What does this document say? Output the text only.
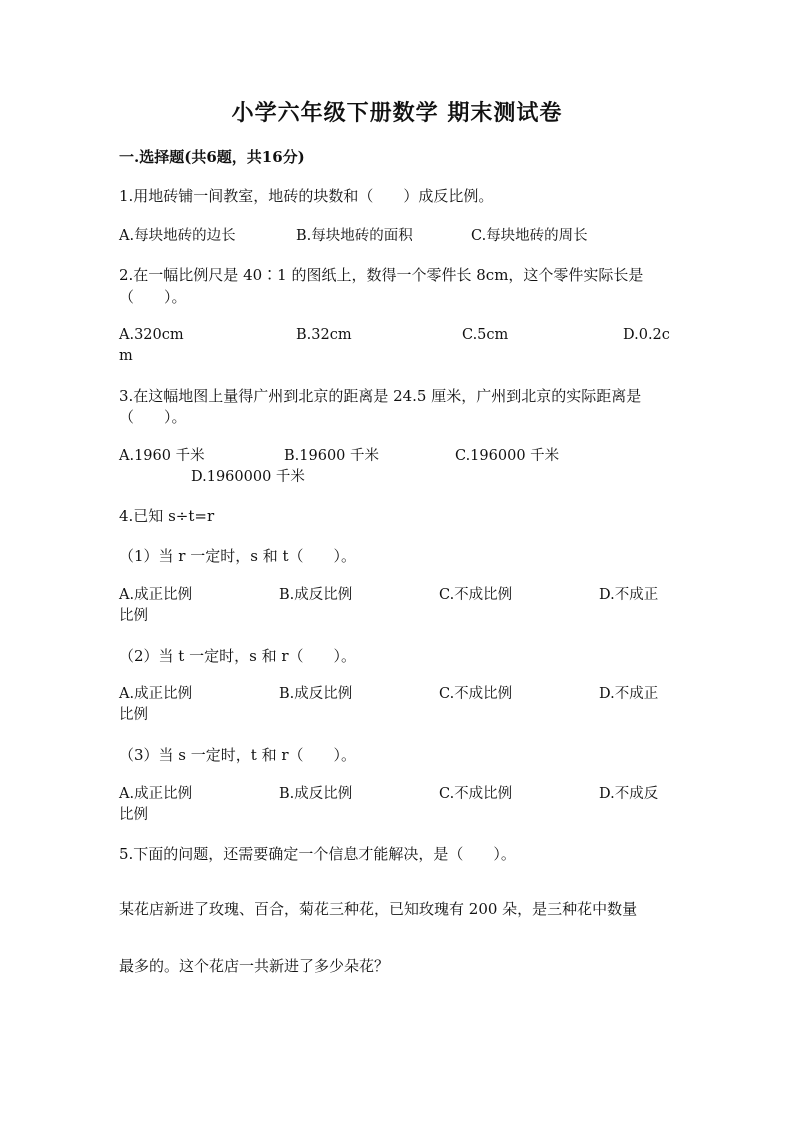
小学六年级下册数学 期末测试卷
一.选择题(共6题，共16分)
1.用地砖铺一间教室，地砖的块数和（　　）成反比例。
A.每块地砖的边长	B.每块地砖的面积	C.每块地砖的周长
2.在一幅比例尺是 40∶1 的图纸上，数得一个零件长 8cm，这个零件实际长是
（　　）。
A.320cm	B.32cm	C.5cm	D.0.2c
m
3.在这幅地图上量得广州到北京的距离是 24.5 厘米，广州到北京的实际距离是
（　　）。
A.1960 千米	B.19600 千米	C.196000 千米
D.1960000 千米
4.已知 s÷t=r
（1）当 r 一定时，s 和 t（　　）。
A.成正比例	B.成反比例	C.不成比例	D.不成正
比例
（2）当 t 一定时，s 和 r（　　）。
A.成正比例	B.成反比例	C.不成比例	D.不成正
比例
（3）当 s 一定时，t 和 r（　　）。
A.成正比例	B.成反比例	C.不成比例	D.不成反
比例
5.下面的问题，还需要确定一个信息才能解决，是（　　）。
某花店新进了玫瑰、百合，菊花三种花，已知玫瑰有 200 朵，是三种花中数量
最多的。这个花店一共新进了多少朵花？
